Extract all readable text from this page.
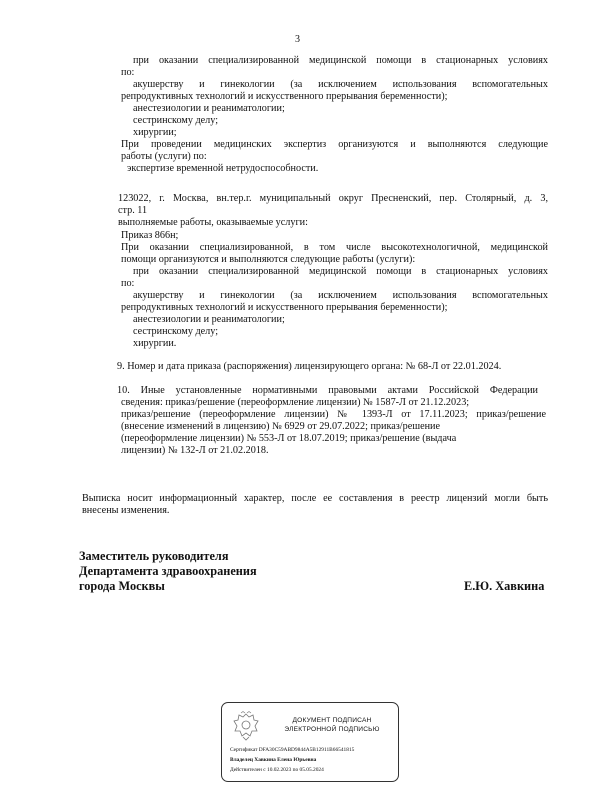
3
при оказании специализированной медицинской помощи в стационарных условиях
по:
акушерству и гинекологии (за исключением использования вспомогательных
репродуктивных технологий и искусственного прерывания беременности);
анестезиологии и реаниматологии;
сестринскому делу;
хирургии;
При проведении медицинских экспертиз организуются и выполняются следующие
работы (услуги) по:
экспертизе временной нетрудоспособности.
123022, г. Москва, вн.тер.г. муниципальный округ Пресненский, пер. Столярный, д. 3,
стр. 11
выполняемые работы, оказываемые услуги:
Приказ 866н;
При оказании специализированной, в том числе высокотехнологичной, медицинской
помощи организуются и выполняются следующие работы (услуги):
при оказании специализированной медицинской помощи в стационарных условиях
по:
акушерству и гинекологии (за исключением использования вспомогательных
репродуктивных технологий и искусственного прерывания беременности);
анестезиологии и реаниматологии;
сестринскому делу;
хирургии.
9. Номер и дата приказа (распоряжения) лицензирующего органа: № 68-Л от 22.01.2024.
10. Иные установленные нормативными правовыми актами Российской Федерации
сведения: приказ/решение (переоформление лицензии) № 1587-Л от 21.12.2023;
приказ/решение (переоформление лицензии) № 1393-Л от 17.11.2023; приказ/решение
(внесение изменений в лицензию) № 6929 от 29.07.2022; приказ/решение
(переоформление лицензии) № 553-Л от 18.07.2019; приказ/решение (выдача
лицензии) № 132-Л от 21.02.2018.
Выписка носит информационный характер, после ее составления в реестр лицензий могли быть
внесены изменения.
Заместитель руководителя
Департамента здравоохранения
города Москвы	Е.Ю. Хавкина
ДОКУМЕНТ ПОДПИСАН
ЭЛЕКТРОННОЙ ПОДПИСЬЮ
Сертификат DFA30C59ABD9844A5B12911B66541815
Владелец Хавкина Елена Юрьевна
Действителен с 10.02.2023 по 05.05.2024
